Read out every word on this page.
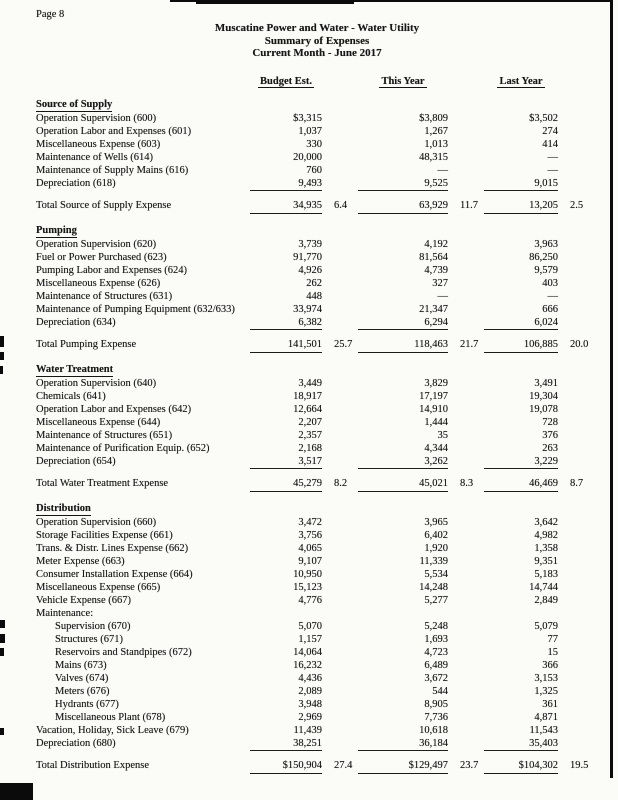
Page 8
Muscatine Power and Water - Water Utility
Summary of Expenses
Current Month - June 2017
Budget Est.	This Year	Last Year
Source of Supply
Operation Supervision (600)	$3,315	$3,809	$3,502
Operation Labor and Expenses (601)	1,037	1,267	274
Miscellaneous Expense (603)	330	1,013	414
Maintenance of Wells (614)	20,000	48,315	—
Maintenance of Supply Mains (616)	760	—	—
Depreciation (618)	9,493	9,525	9,015
Total Source of Supply Expense	34,935	6.4	63,929	11.7	13,205	2.5
Pumping
Operation Supervision (620)	3,739	4,192	3,963
Fuel or Power Purchased (623)	91,770	81,564	86,250
Pumping Labor and Expenses (624)	4,926	4,739	9,579
Miscellaneous Expense (626)	262	327	403
Maintenance of Structures (631)	448	—	—
Maintenance of Pumping Equipment (632/633)	33,974	21,347	666
Depreciation (634)	6,382	6,294	6,024
Total Pumping Expense	141,501	25.7	118,463	21.7	106,885	20.0
Water Treatment
Operation Supervision (640)	3,449	3,829	3,491
Chemicals (641)	18,917	17,197	19,304
Operation Labor and Expenses (642)	12,664	14,910	19,078
Miscellaneous Expense (644)	2,207	1,444	728
Maintenance of Structures (651)	2,357	35	376
Maintenance of Purification Equip. (652)	2,168	4,344	263
Depreciation (654)	3,517	3,262	3,229
Total Water Treatment Expense	45,279	8.2	45,021	8.3	46,469	8.7
Distribution
Operation Supervision (660)	3,472	3,965	3,642
Storage Facilities Expense (661)	3,756	6,402	4,982
Trans. & Distr. Lines Expense (662)	4,065	1,920	1,358
Meter Expense (663)	9,107	11,339	9,351
Consumer Installation Expense (664)	10,950	5,534	5,183
Miscellaneous Expense (665)	15,123	14,248	14,744
Vehicle Expense (667)	4,776	5,277	2,849
Maintenance:
Supervision (670)	5,070	5,248	5,079
Structures (671)	1,157	1,693	77
Reservoirs and Standpipes (672)	14,064	4,723	15
Mains (673)	16,232	6,489	366
Valves (674)	4,436	3,672	3,153
Meters (676)	2,089	544	1,325
Hydrants (677)	3,948	8,905	361
Miscellaneous Plant (678)	2,969	7,736	4,871
Vacation, Holiday, Sick Leave (679)	11,439	10,618	11,543
Depreciation (680)	38,251	36,184	35,403
Total Distribution Expense	$150,904	27.4	$129,497	23.7	$104,302	19.5
